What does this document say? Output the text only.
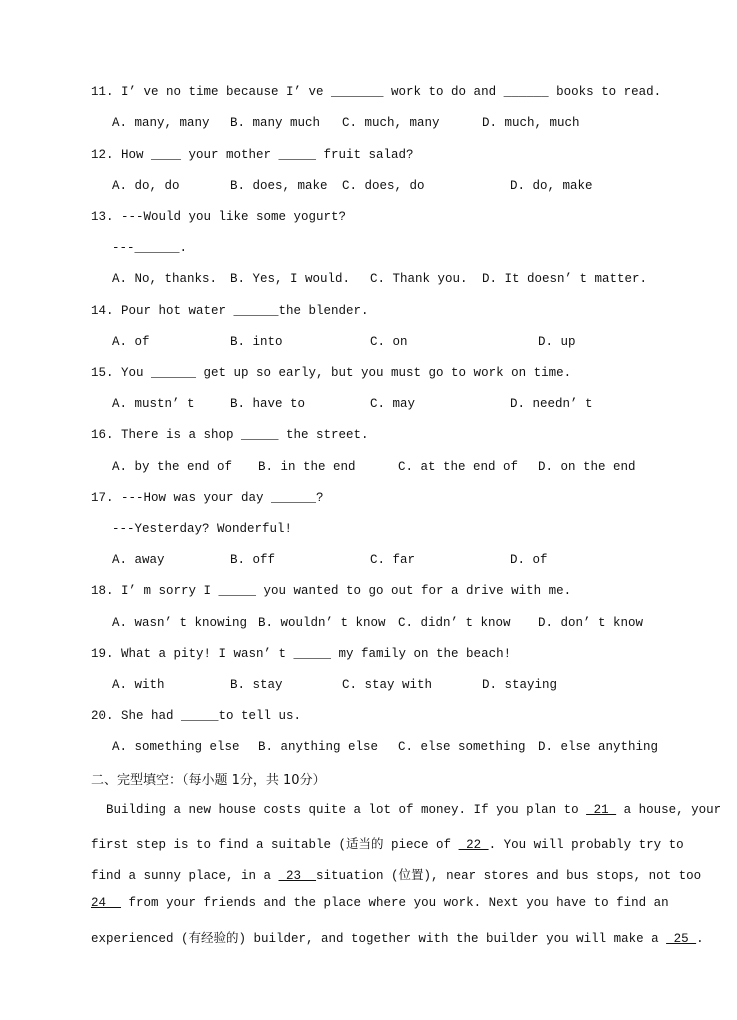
11. I’ ve no time because I’ ve _______ work to do and ______ books to read.

A. many, many

B. many much

C. much, many

	D. much, much

12. How ____ your mother _____ fruit salad?

A. do, do

	B. does, make

C. does, do

	D. do, make

13. ---Would you like some yogurt?
---______.

A. No, thanks.

B. Yes, I would.

C. Thank you.

D. It doesn’ t matter.

14. Pour hot water ______the blender.

A. of

	B. into

	C. on

	D. up

15. You ______ get up so early, but you must go to work on time.

A. mustn’ t

	B. have to

	C. may

	D. needn’ t

16. There is a shop _____ the street.

A. by the end of

B. in the end

	C. at the end of

D. on the end

17. ---How was your day ______?
---Yesterday? Wonderful!

A. away

	B. off

	C. far

	D. of

18. I’ m sorry I _____ you wanted to go out for a drive with me.

A. wasn’ t knowing

B. wouldn’ t know

C. didn’ t know

D. don’ t know

19. What a pity! I wasn’ t _____ my family on the beach!

A. with

	B. stay

	C. stay with

	D. staying

20. She had _____to tell us.

A. something else

B. anything else

C. else something

D. else anything

二、完型填空：（每小题 1分，共 10分）
Building a new house costs quite a lot of money. If you plan to  21  a house, your
first step is to find a suitable (适当的 piece of  22 . You will probably try to
find a sunny place, in a  23  situation (位置), near stores and bus stops, not too
24   from your friends and the place where you work. Next you have to find an
experienced (有经验的) builder, and together with the builder you will make a  25 .
